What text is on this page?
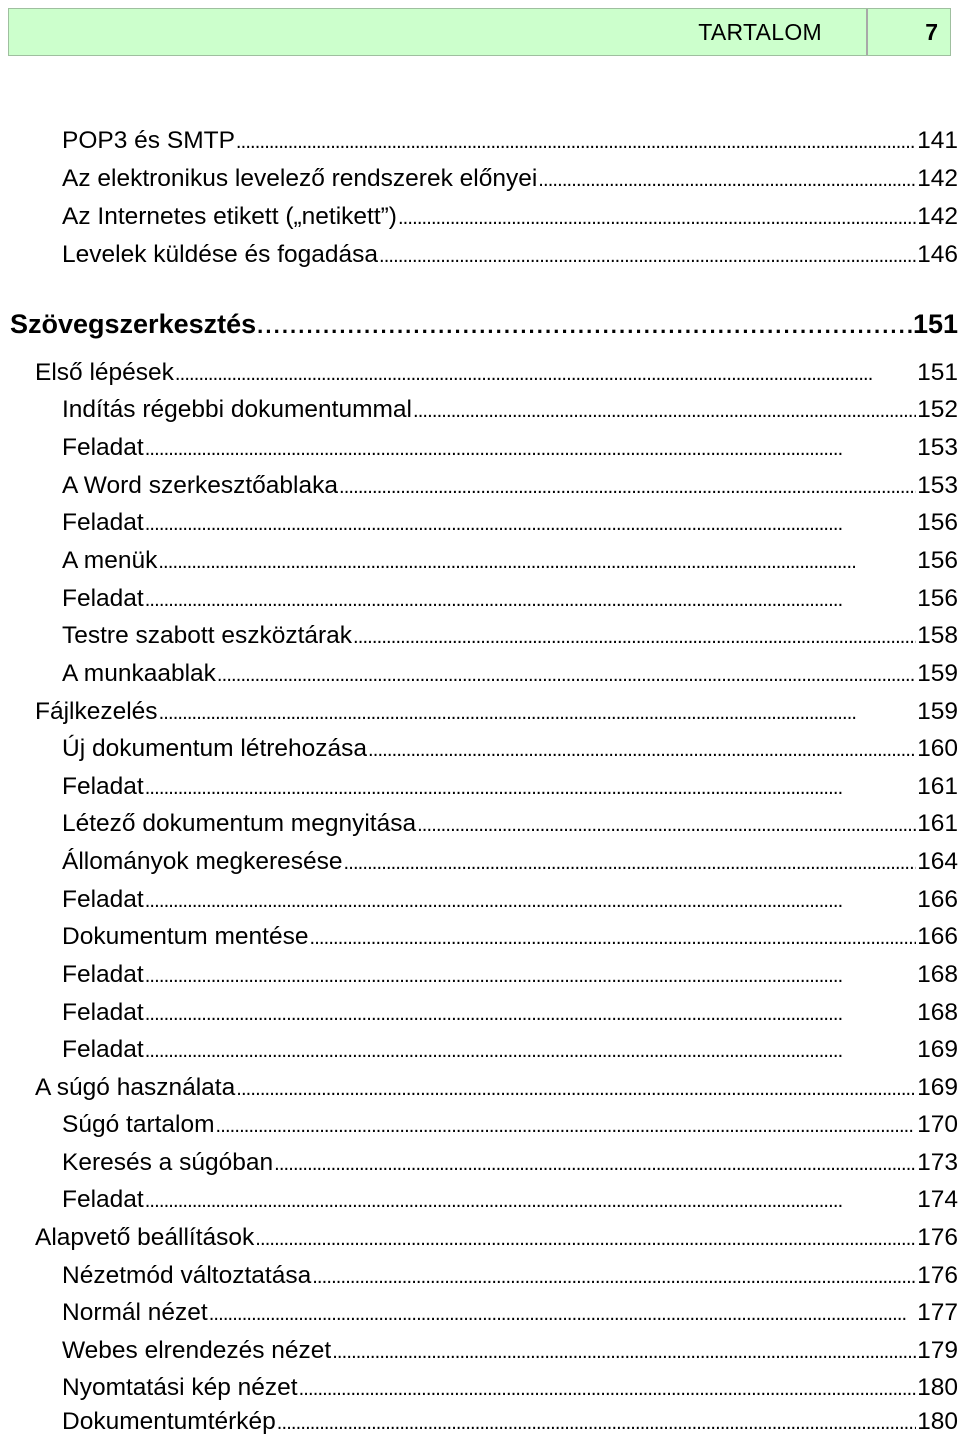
TARTALOM	7
POP3 és SMTP . . .	141
Az elektronikus levelező rendszerek előnyei . . .	142
Az Internetes etikett („netikett”) . . .	142
Levelek küldése és fogadása . . .	146
Szövegszerkesztés . . .	151
Első lépések . . .	151
Indítás régebbi dokumentummal . . .	152
Feladat . . .	153
A Word szerkesztőablaka . . .	153
Feladat . . .	156
A menük . . .	156
Feladat . . .	156
Testre szabott eszköztárak . . .	158
A munkaablak . . .	159
Fájlkezelés . . .	159
Új dokumentum létrehozása . . .	160
Feladat . . .	161
Létező dokumentum megnyitása . . .	161
Állományok megkeresése . . .	164
Feladat . . .	166
Dokumentum mentése . . .	166
Feladat . . .	168
Feladat . . .	168
Feladat . . .	169
A súgó használata . . .	169
Súgó tartalom . . .	170
Keresés a súgóban . . .	173
Feladat . . .	174
Alapvető beállítások . . .	176
Nézetmód változtatása . . .	176
Normál nézet . . .	177
Webes elrendezés nézet . . .	179
Nyomtatási kép nézet . . .	180
Dokumentumtérkép . . .	180
